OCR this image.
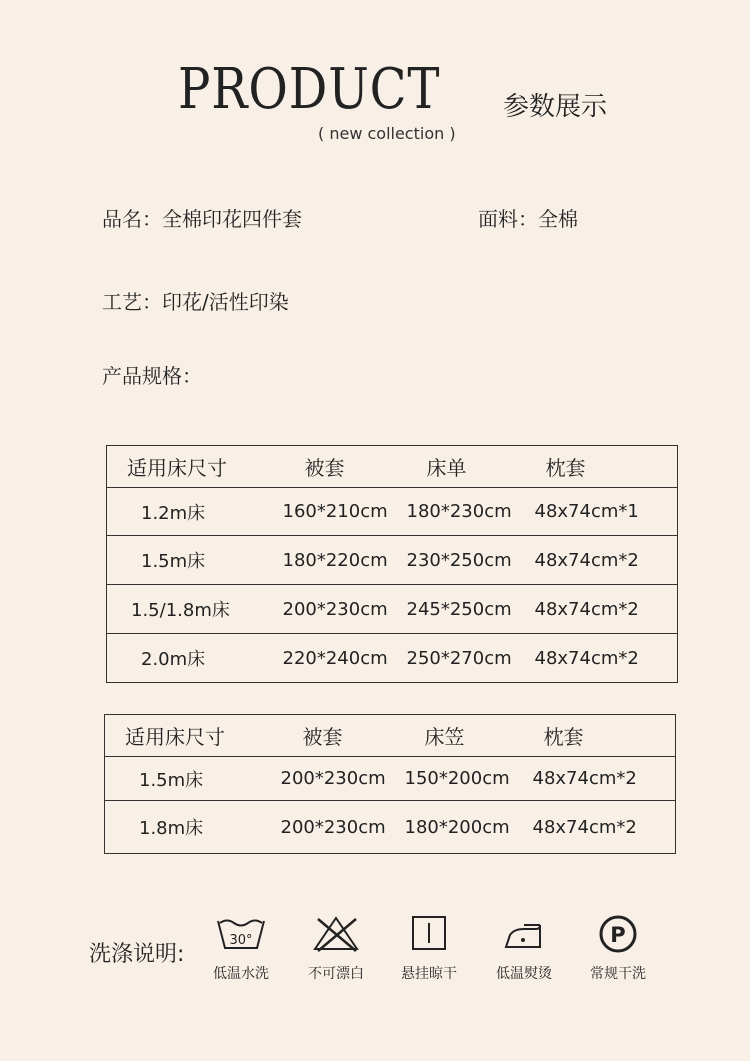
PRODUCT
( new collection )
参数展示
品名：全棉印花四件套	面料：全棉
工艺：印花/活性印染
产品规格：
适用床尺寸	被套	床单	枕套
1.2m床	160*210cm	180*230cm	48x74cm*1
1.5m床	180*220cm	230*250cm	48x74cm*2
1.5/1.8m床	200*230cm	245*250cm	48x74cm*2
2.0m床	220*240cm	250*270cm	48x74cm*2
适用床尺寸	被套	床笠	枕套
1.5m床	200*230cm	150*200cm	48x74cm*2
1.8m床	200*230cm	180*200cm	48x74cm*2
洗涤说明:
30°
低温水洗	不可漂白	悬挂晾干	低温熨烫
P
常规干洗
